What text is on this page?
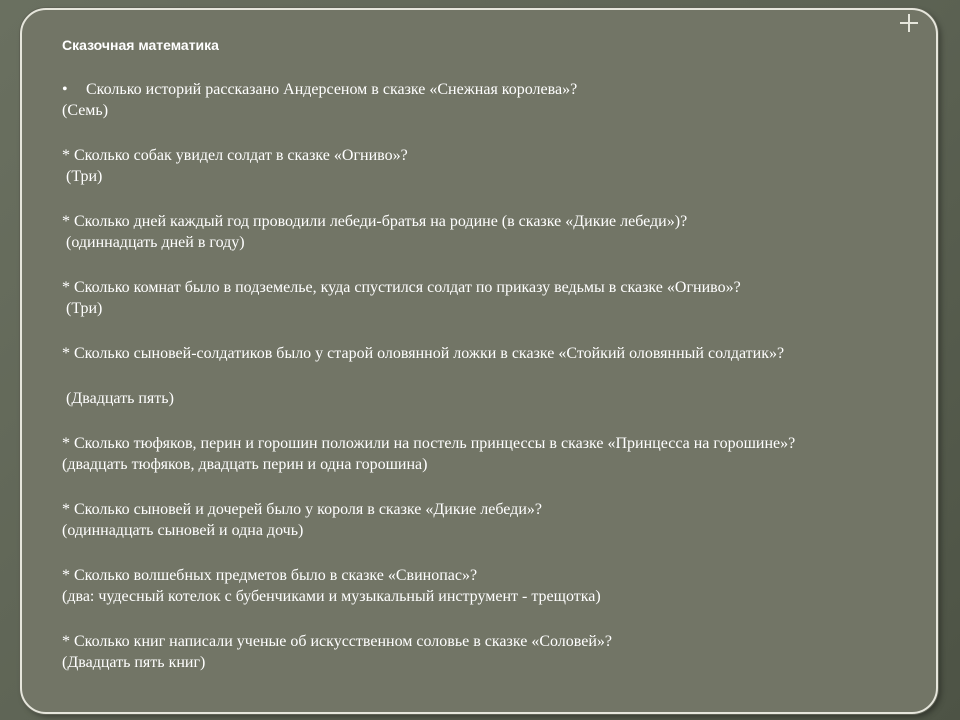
Сказочная математика

•	Сколько историй рассказано Андерсеном в сказке «Снежная королева»?

(Семь)

* Сколько собак увидел солдат в сказке «Огниво»?

(Три)

* Сколько дней каждый год проводили лебеди-братья на родине (в сказке «Дикие лебеди»)?

(одиннадцать дней в году)

* Сколько комнат было в подземелье, куда спустился солдат по приказу ведьмы в сказке «Огниво»?

(Три)

* Сколько сыновей-солдатиков было у старой оловянной ложки в сказке «Стойкий оловянный солдатик»?

(Двадцать пять)

* Сколько тюфяков, перин и горошин положили на постель принцессы в сказке «Принцесса на горошине»?

(двадцать тюфяков, двадцать перин и одна горошина)

* Сколько сыновей и дочерей было у короля в сказке «Дикие лебеди»?

(одиннадцать сыновей и одна дочь)

* Сколько волшебных предметов было в сказке «Свинопас»?

(два: чудесный котелок с бубенчиками и музыкальный инструмент - трещотка)

* Сколько книг написали ученые об искусственном соловье в сказке «Соловей»?

(Двадцать пять книг)
